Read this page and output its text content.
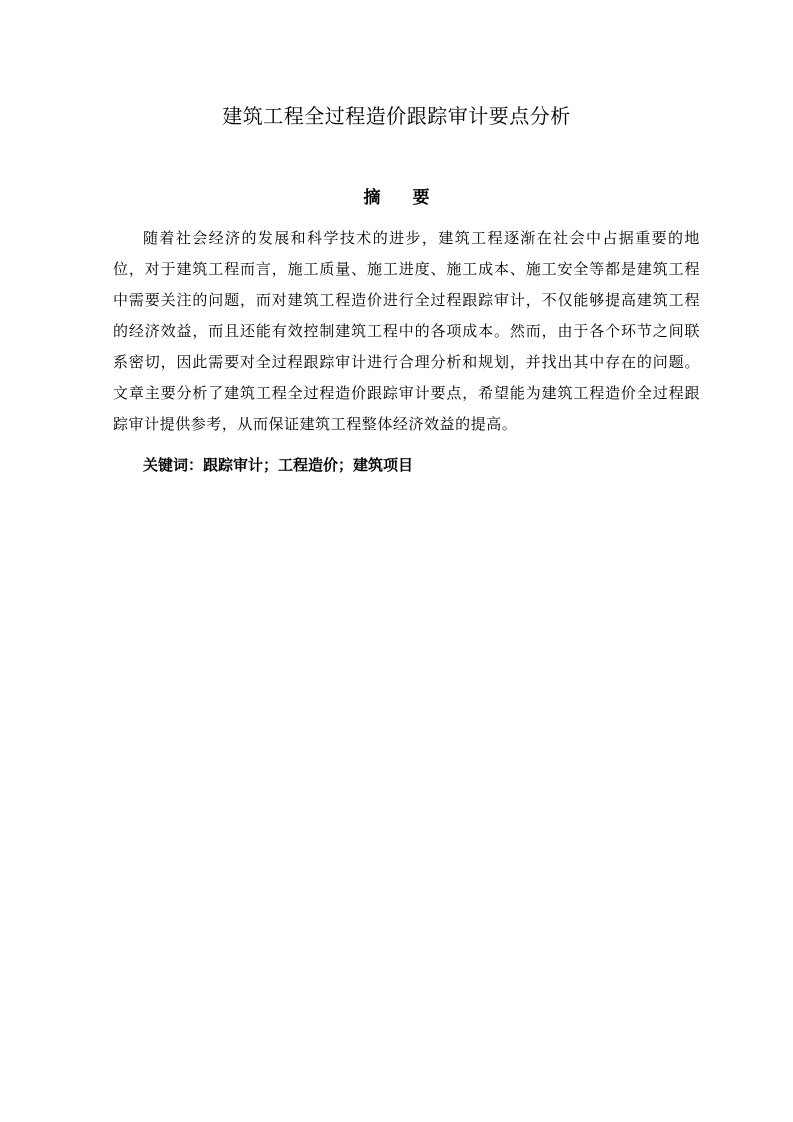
建筑工程全过程造价跟踪审计要点分析
摘 要

随着社会经济的发展和科学技术的进步，建筑工程逐渐在社会中占据重要的地位，对于建筑工程而言，施工质量、施工进度、施工成本、施工安全等都是建筑工程中需要关注的问题，而对建筑工程造价进行全过程跟踪审计，不仅能够提高建筑工程的经济效益，而且还能有效控制建筑工程中的各项成本。然而，由于各个环节之间联系密切，因此需要对全过程跟踪审计进行合理分析和规划，并找出其中存在的问题。文章主要分析了建筑工程全过程造价跟踪审计要点，希望能为建筑工程造价全过程跟踪审计提供参考，从而保证建筑工程整体经济效益的提高。

关键词：跟踪审计；工程造价；建筑项目
